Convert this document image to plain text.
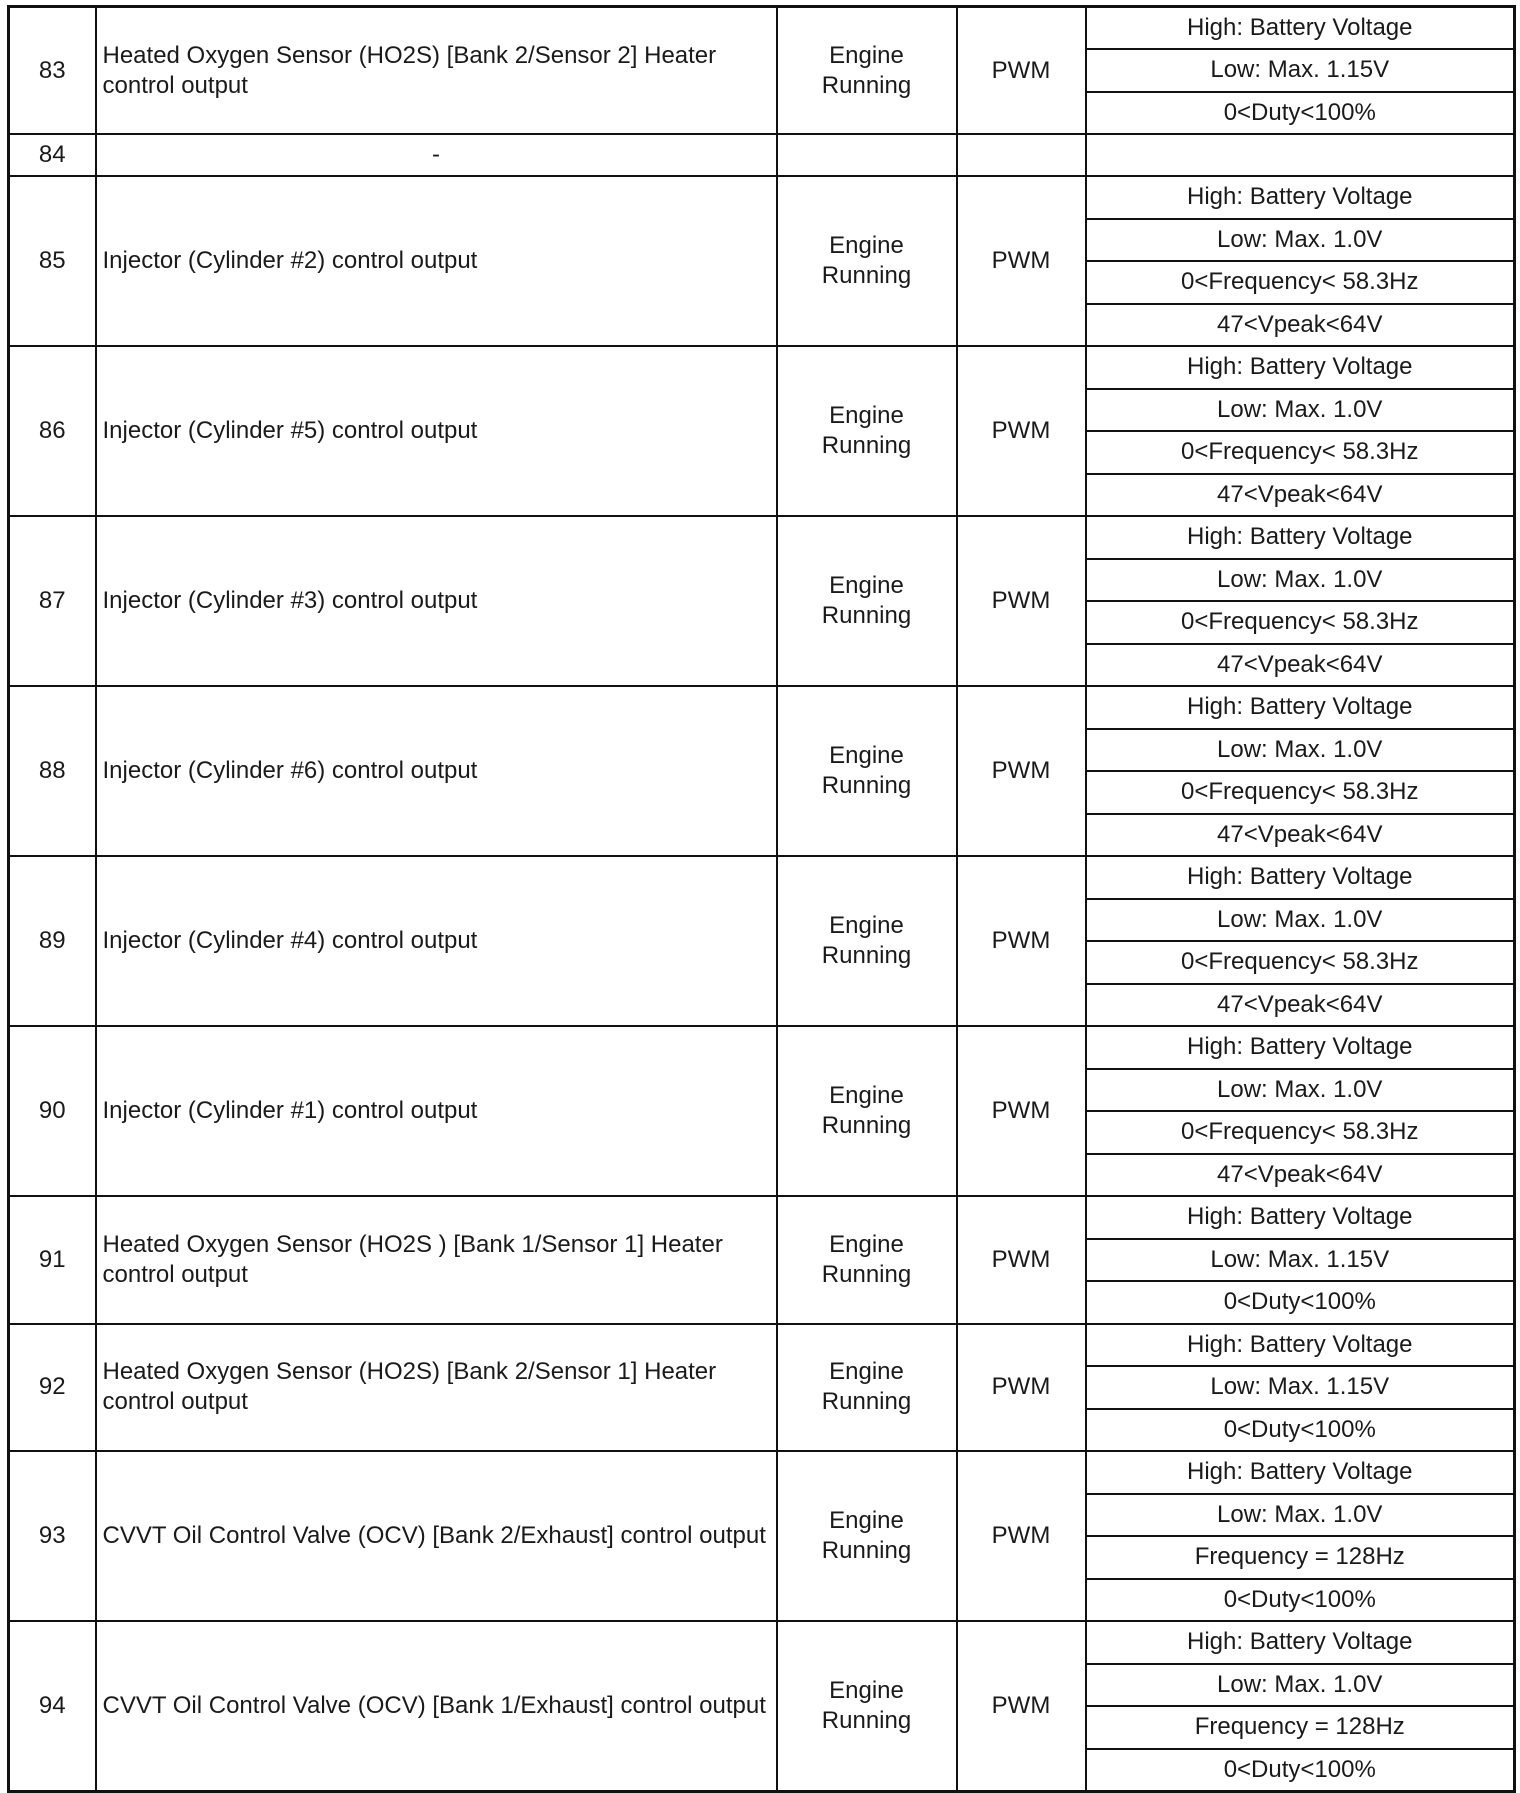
83	Heated Oxygen Sensor (HO2S) [Bank 2/Sensor 2] Heater control output	Engine
Running	PWM	High: Battery Voltage
				Low: Max. 1.15V
				0<Duty<100%
84	-	

85	Injector (Cylinder #2) control output	Engine
Running	PWM	High: Battery Voltage
				Low: Max. 1.0V
				0<Frequency< 58.3Hz
				47<Vpeak<64V
86	Injector (Cylinder #5) control output	Engine
Running	PWM	High: Battery Voltage
				Low: Max. 1.0V
				0<Frequency< 58.3Hz
				47<Vpeak<64V
87	Injector (Cylinder #3) control output	Engine
Running	PWM	High: Battery Voltage
				Low: Max. 1.0V
				0<Frequency< 58.3Hz
				47<Vpeak<64V
88	Injector (Cylinder #6) control output	Engine
Running	PWM	High: Battery Voltage
				Low: Max. 1.0V
				0<Frequency< 58.3Hz
				47<Vpeak<64V
89	Injector (Cylinder #4) control output	Engine
Running	PWM	High: Battery Voltage
				Low: Max. 1.0V
				0<Frequency< 58.3Hz
				47<Vpeak<64V
90	Injector (Cylinder #1) control output	Engine
Running	PWM	High: Battery Voltage
				Low: Max. 1.0V
				0<Frequency< 58.3Hz
				47<Vpeak<64V
91	Heated Oxygen Sensor (HO2S ) [Bank 1/Sensor 1] Heater control output	Engine
Running	PWM	High: Battery Voltage
				Low: Max. 1.15V
				0<Duty<100%
92	Heated Oxygen Sensor (HO2S) [Bank 2/Sensor 1] Heater control output	Engine
Running	PWM	High: Battery Voltage
				Low: Max. 1.15V
				0<Duty<100%
93	CVVT Oil Control Valve (OCV) [Bank 2/Exhaust] control output	Engine
Running	PWM	High: Battery Voltage
				Low: Max. 1.0V
				Frequency = 128Hz
				0<Duty<100%
94	CVVT Oil Control Valve (OCV) [Bank 1/Exhaust] control output	Engine
Running	PWM	High: Battery Voltage
				Low: Max. 1.0V
				Frequency = 128Hz
				0<Duty<100%
